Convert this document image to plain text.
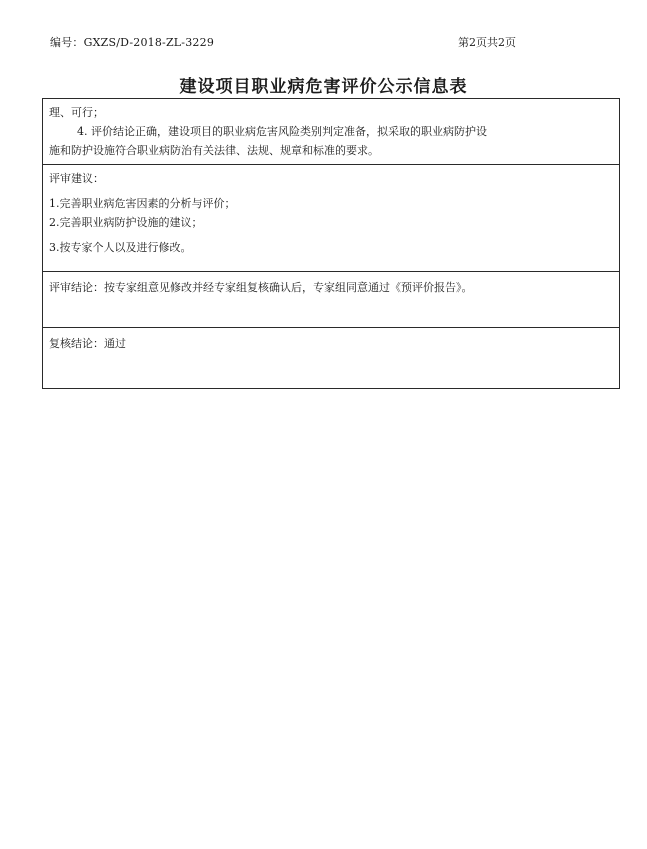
编号：GXZS/D-2018-ZL-3229	第2页共2页
建设项目职业病危害评价公示信息表
理、可行；
4. 评价结论正确，建设项目的职业病危害风险类别判定准备，拟采取的职业病防护设
施和防护设施符合职业病防治有关法律、法规、规章和标准的要求。
评审建议：
1.完善职业病危害因素的分析与评价；
2.完善职业病防护设施的建议；
3.按专家个人以及进行修改。
评审结论：按专家组意见修改并经专家组复核确认后，专家组同意通过《预评价报告》。
复核结论：通过
